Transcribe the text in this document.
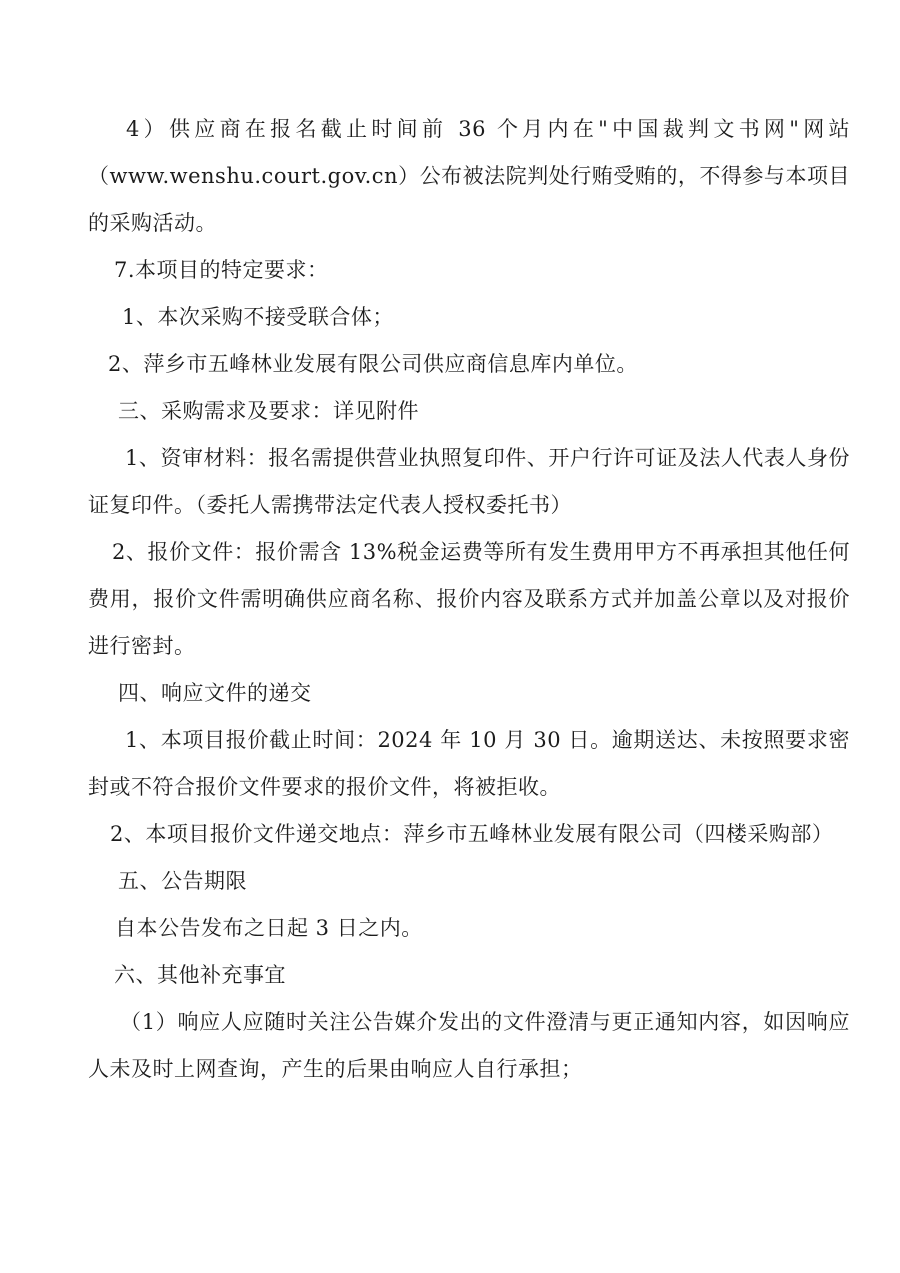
4）供应商在报名截止时间前 36 个月内在"中国裁判文书网"网站（www.wenshu.court.gov.cn）公布被法院判处行贿受贿的，不得参与本项目的采购活动。

7.本项目的特定要求：

1、本次采购不接受联合体；

2、萍乡市五峰林业发展有限公司供应商信息库内单位。

三、采购需求及要求：详见附件

1、资审材料：报名需提供营业执照复印件、开户行许可证及法人代表人身份证复印件。（委托人需携带法定代表人授权委托书）

2、报价文件：报价需含 13%税金运费等所有发生费用甲方不再承担其他任何费用，报价文件需明确供应商名称、报价内容及联系方式并加盖公章以及对报价进行密封。

四、响应文件的递交

1、本项目报价截止时间：2024 年 10 月 30 日。逾期送达、未按照要求密封或不符合报价文件要求的报价文件，将被拒收。

2、本项目报价文件递交地点：萍乡市五峰林业发展有限公司（四楼采购部）

五、公告期限

自本公告发布之日起 3 日之内。

六、其他补充事宜

（1）响应人应随时关注公告媒介发出的文件澄清与更正通知内容，如因响应人未及时上网查询，产生的后果由响应人自行承担；
